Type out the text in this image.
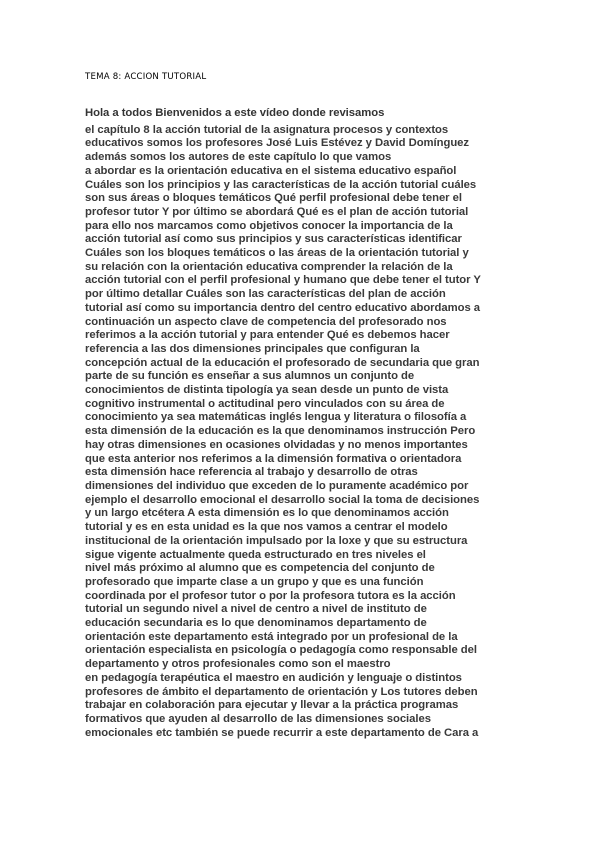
TEMA 8: ACCION TUTORIAL
Hola a todos Bienvenidos a este vídeo donde revisamos
el capítulo 8 la acción tutorial de la asignatura procesos y contextos
educativos somos los profesores José Luis Estévez y David Domínguez
además somos los autores de este capítulo lo que vamos
a abordar es la orientación educativa en el sistema educativo español
Cuáles son los principios y las características de la acción tutorial cuáles
son sus áreas o bloques temáticos Qué perfil profesional debe tener el
profesor tutor Y por último se abordará Qué es el plan de acción tutorial
para ello nos marcamos como objetivos conocer la importancia de la
acción tutorial así como sus principios y sus características identificar
Cuáles son los bloques temáticos o las áreas de la orientación tutorial y
su relación con la orientación educativa comprender la relación de la
acción tutorial con el perfil profesional y humano que debe tener el tutor Y
por último detallar Cuáles son las características del plan de acción
tutorial así como su importancia dentro del centro educativo abordamos a
continuación un aspecto clave de competencia del profesorado nos
referimos a la acción tutorial y para entender Qué es debemos hacer
referencia a las dos dimensiones principales que configuran la
concepción actual de la educación el profesorado de secundaria que gran
parte de su función es enseñar a sus alumnos un conjunto de
conocimientos de distinta tipología ya sean desde un punto de vista
cognitivo instrumental o actitudinal pero vinculados con su área de
conocimiento ya sea matemáticas inglés lengua y literatura o filosofía a
esta dimensión de la educación es la que denominamos instrucción Pero
hay otras dimensiones en ocasiones olvidadas y no menos importantes
que esta anterior nos referimos a la dimensión formativa o orientadora
esta dimensión hace referencia al trabajo y desarrollo de otras
dimensiones del individuo que exceden de lo puramente académico por
ejemplo el desarrollo emocional el desarrollo social la toma de decisiones
y un largo etcétera A esta dimensión es lo que denominamos acción
tutorial y es en esta unidad es la que nos vamos a centrar el modelo
institucional de la orientación impulsado por la loxe y que su estructura
sigue vigente actualmente queda estructurado en tres niveles el
nivel más próximo al alumno que es competencia del conjunto de
profesorado que imparte clase a un grupo y que es una función
coordinada por el profesor tutor o por la profesora tutora es la acción
tutorial un segundo nivel a nivel de centro a nivel de instituto de
educación secundaria es lo que denominamos departamento de
orientación este departamento está integrado por un profesional de la
orientación especialista en psicología o pedagogía como responsable del
departamento y otros profesionales como son el maestro
en pedagogía terapéutica el maestro en audición y lenguaje o distintos
profesores de ámbito el departamento de orientación y Los tutores deben
trabajar en colaboración para ejecutar y llevar a la práctica programas
formativos que ayuden al desarrollo de las dimensiones sociales
emocionales etc también se puede recurrir a este departamento de Cara a
